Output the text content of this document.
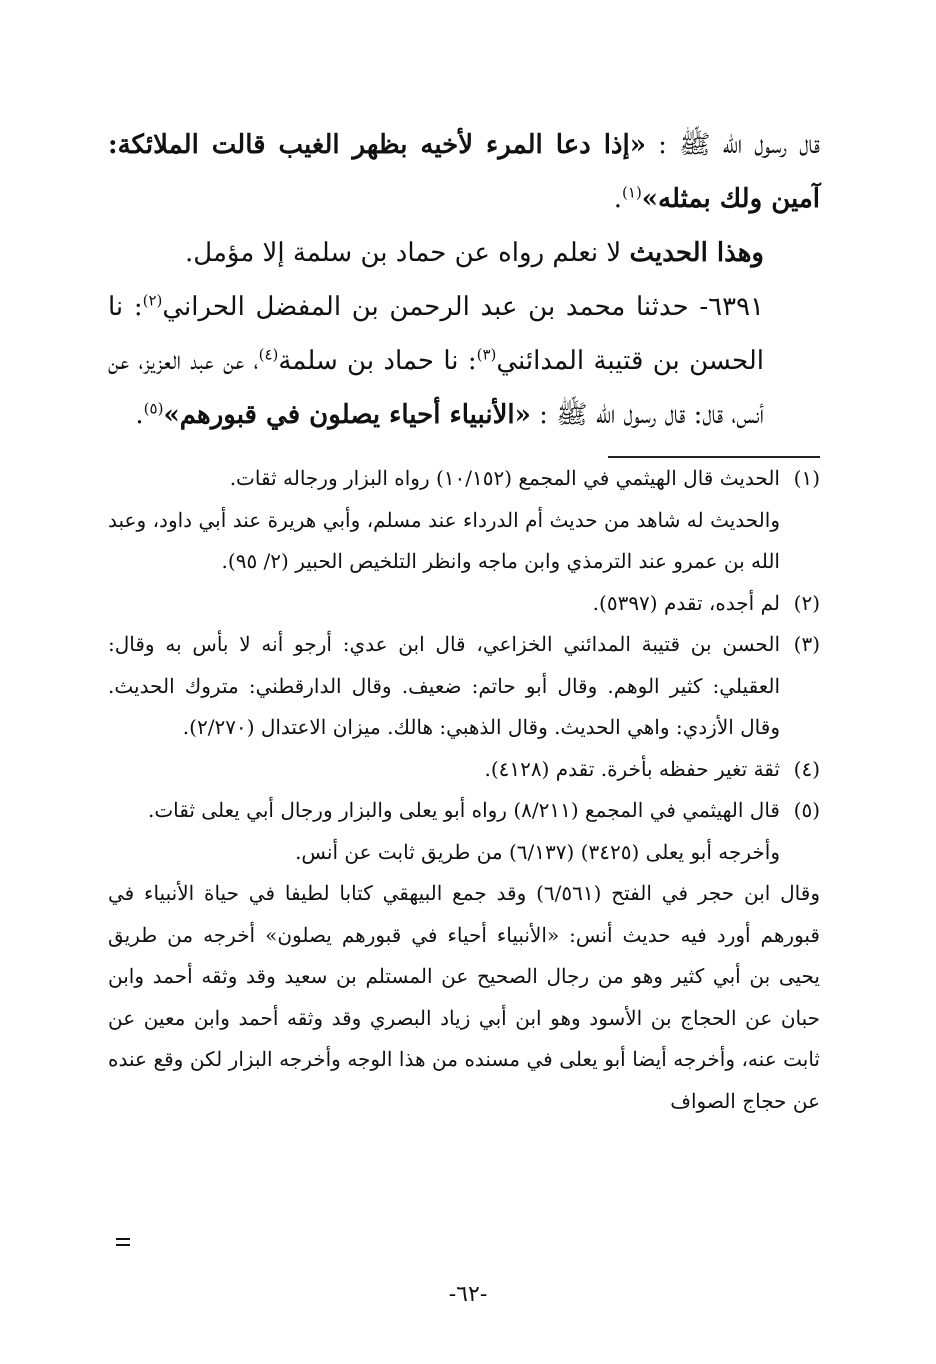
قال رسول الله ﷺ : «إذا دعا المرء لأخيه بظهر الغيب قالت الملائكة: آمين ولك بمثله»$^{(١)}$.

وهذا الحديث لا نعلم رواه عن حماد بن سلمة إلا مؤمل.

٦٣٩١- حدثنا محمد بن عبد الرحمن بن المفضل الحراني$^{(٢)}$: نا الحسن بن قتيبة المدائني$^{(٣)}$: نا حماد بن سلمة$^{(٤)}$، عن عبد العزيز، عن أنس، قال: قال رسول الله ﷺ : «الأنبياء أحياء يصلون في قبورهم»$^{(٥)}$.

(١)
الحديث قال الهيثمي في المجمع (١٠/١٥٢) رواه البزار ورجاله ثقات.
والحديث له شاهد من حديث أم الدرداء عند مسلم، وأبي هريرة عند أبي داود، وعبد الله بن عمرو عند الترمذي وابن ماجه وانظر التلخيص الحبير (٢/ ٩٥).
(٢)
لم أجده، تقدم (٥٣٩٧).
(٣)
الحسن بن قتيبة المدائني الخزاعي، قال ابن عدي: أرجو أنه لا بأس به وقال: العقيلي: كثير الوهم. وقال أبو حاتم: ضعيف. وقال الدارقطني: متروك الحديث. وقال الأزدي: واهي الحديث. وقال الذهبي: هالك. ميزان الاعتدال (٢/٢٧٠).
(٤)
ثقة تغير حفظه بأخرة. تقدم (٤١٢٨).
(٥)
قال الهيثمي في المجمع (٨/٢١١) رواه أبو يعلى والبزار ورجال أبي يعلى ثقات.
وأخرجه أبو يعلى (٣٤٢٥) (٦/١٣٧) من طريق ثابت عن أنس.
وقال ابن حجر في الفتح (٦/٥٦١) وقد جمع البيهقي كتابا لطيفا في حياة الأنبياء في قبورهم أورد فيه حديث أنس: «الأنبياء أحياء في قبورهم يصلون» أخرجه من طريق يحيى بن أبي كثير وهو من رجال الصحيح عن المستلم بن سعيد وقد وثقه أحمد وابن حبان عن الحجاج بن الأسود وهو ابن أبي زياد البصري وقد وثقه أحمد وابن معين عن ثابت عنه، وأخرجه أيضا أبو يعلى في مسنده من هذا الوجه وأخرجه البزار لكن وقع عنده عن حجاج الصواف
-٦٢-
